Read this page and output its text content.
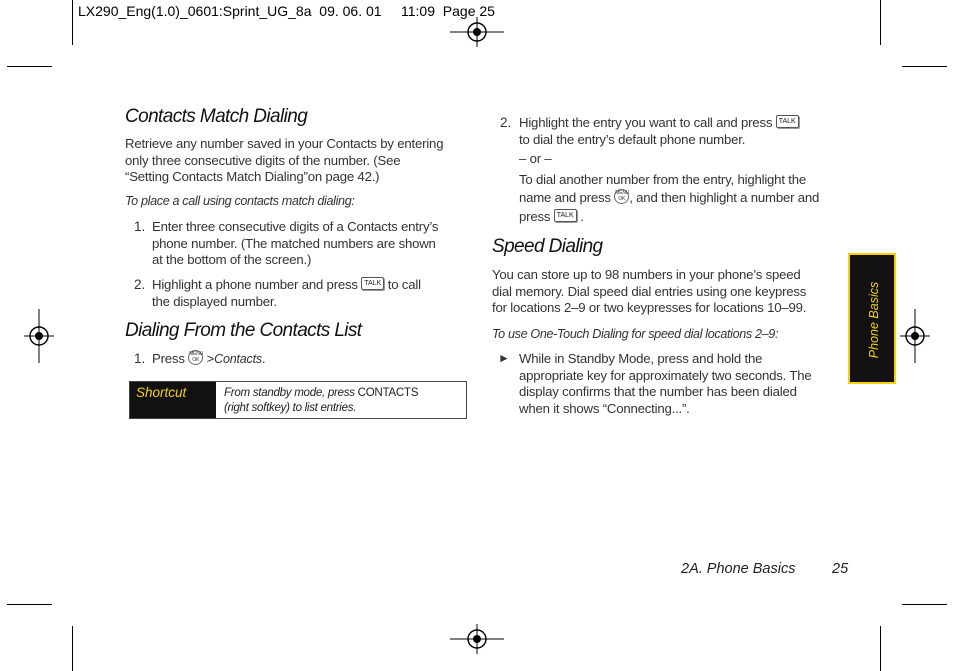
LX290_Eng(1.0)_0601:Sprint_UG_8a  09. 06. 01     11:09  Page 25
Contacts Match Dialing
Retrieve any number saved in your Contacts by entering
only three consecutive digits of the number. (See
“Setting Contacts Match Dialing”on page 42.)
To place a call using contacts match dialing:
1. Enter three consecutive digits of a Contacts entry’s
phone number. (The matched numbers are shown
at the bottom of the screen.)
2. Highlight a phone number and press TALK to call
the displayed number.
Dialing From the Contacts List
1. Press MENU
OK >Contacts.
Shortcut	From standby mode, press CONTACTS
(right softkey) to list entries.
2. Highlight the entry you want to call and press TALK
to dial the entry’s default phone number.
– or –
To dial another number from the entry, highlight the
name and press MENU
OK , and then highlight a number and
press TALK .
Speed Dialing
You can store up to 98 numbers in your phone’s speed
dial memory. Dial speed dial entries using one keypress
for locations 2–9 or two keypresses for locations 10–99.
To use One-Touch Dialing for speed dial locations 2–9:
► While in Standby Mode, press and hold the
appropriate key for approximately two seconds. The
display confirms that the number has been dialed
when it shows “Connecting...”.
Phone Basics
2A. Phone Basics	25
